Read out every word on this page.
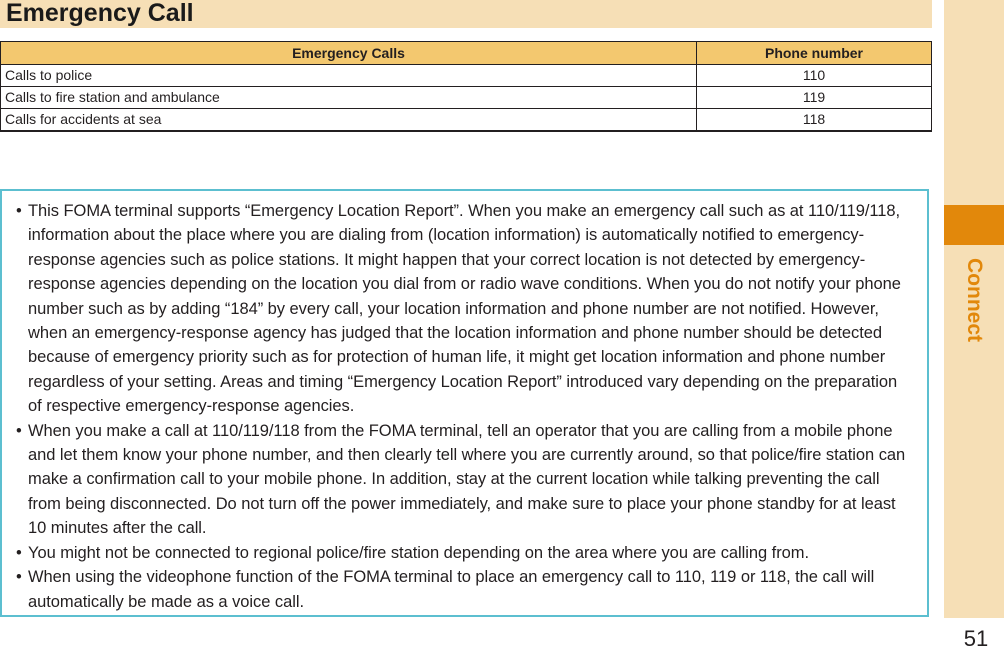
Emergency Call
Emergency Calls	Phone number
Calls to police	110
Calls to fire station and ambulance	119
Calls for accidents at sea	118
• This FOMA terminal supports “Emergency Location Report”. When you make an emergency call such as at 110/119/118, information about the place where you are dialing from (location information) is automatically notified to emergency-response agencies such as police stations. It might happen that your correct location is not detected by emergency-response agencies depending on the location you dial from or radio wave conditions. When you do not notify your phone number such as by adding “184” by every call, your location information and phone number are not notified. However, when an emergency-response agency has judged that the location information and phone number should be detected because of emergency priority such as for protection of human life, it might get location information and phone number regardless of your setting. Areas and timing “Emergency Location Report” introduced vary depending on the preparation of respective emergency-response agencies.
• When you make a call at 110/119/118 from the FOMA terminal, tell an operator that you are calling from a mobile phone and let them know your phone number, and then clearly tell where you are currently around, so that police/fire station can make a confirmation call to your mobile phone. In addition, stay at the current location while talking preventing the call from being disconnected. Do not turn off the power immediately, and make sure to place your phone standby for at least 10 minutes after the call.
• You might not be connected to regional police/fire station depending on the area where you are calling from.
• When using the videophone function of the FOMA terminal to place an emergency call to 110, 119 or 118, the call will automatically be made as a voice call.
Connect
51
